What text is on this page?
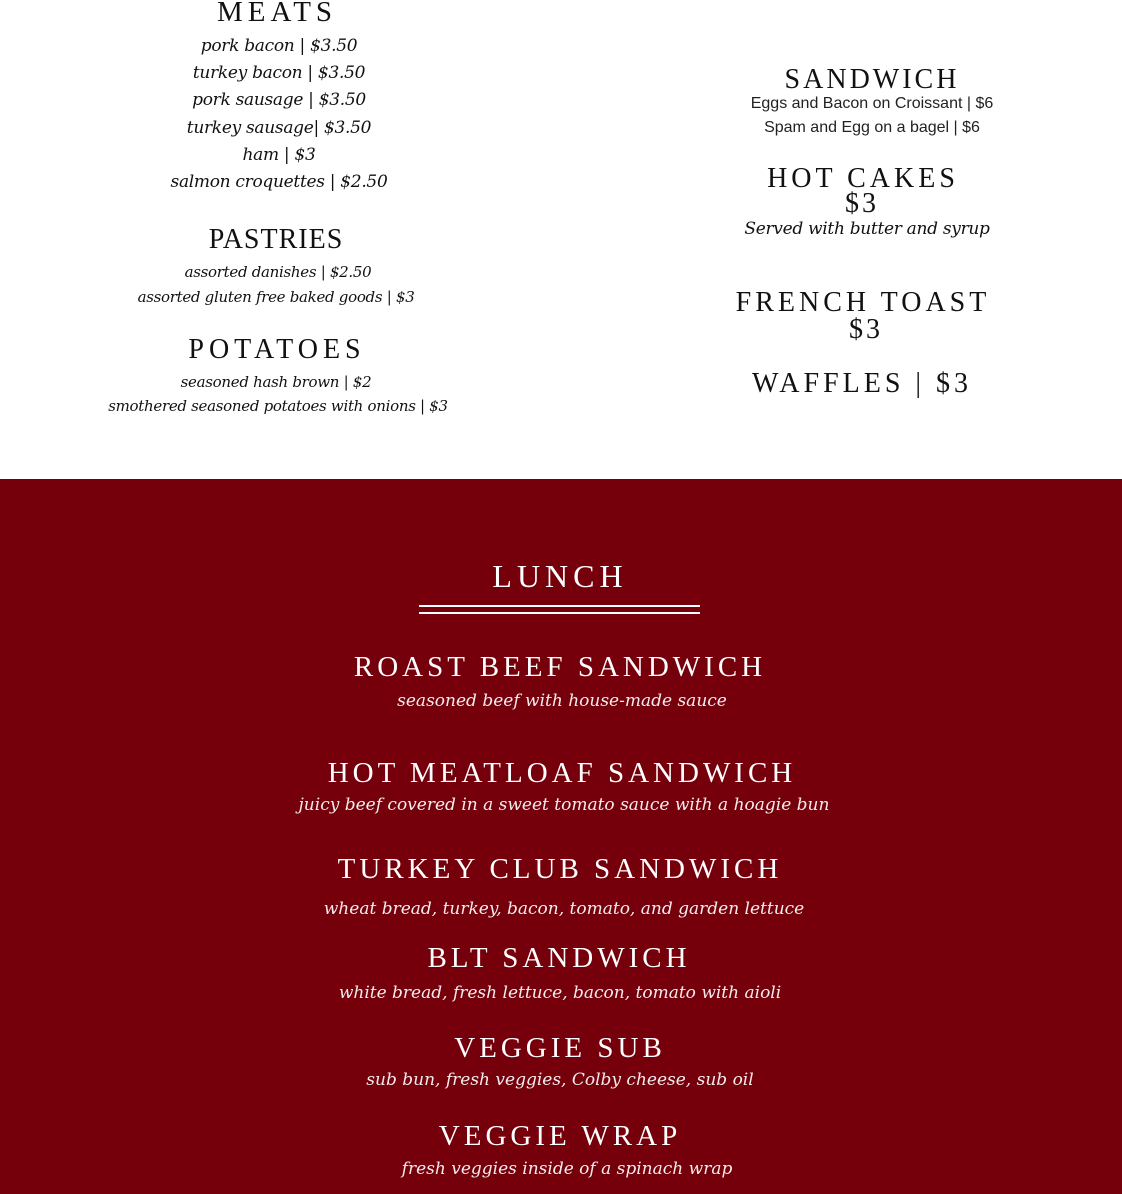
MEATS
pork bacon | $3.50
turkey bacon | $3.50
pork sausage | $3.50
turkey sausage| $3.50
ham | $3
salmon croquettes | $2.50
PASTRIES
assorted danishes | $2.50
assorted gluten free baked goods | $3
POTATOES
seasoned hash brown | $2
smothered seasoned potatoes with onions | $3
SANDWICH
Eggs and Bacon on Croissant | $6
Spam and Egg on a bagel | $6
HOT CAKES
$3
Served with butter and syrup
FRENCH TOAST
$3
WAFFLES | $3
LUNCH
ROAST BEEF SANDWICH
seasoned beef with house-made sauce
HOT MEATLOAF SANDWICH
juicy beef covered in a sweet tomato sauce with a hoagie bun
TURKEY CLUB SANDWICH
wheat bread, turkey, bacon, tomato, and garden lettuce
BLT SANDWICH
white bread, fresh lettuce, bacon, tomato with aioli
VEGGIE SUB
sub bun, fresh veggies, Colby cheese, sub oil
VEGGIE WRAP
fresh veggies inside of a spinach wrap
